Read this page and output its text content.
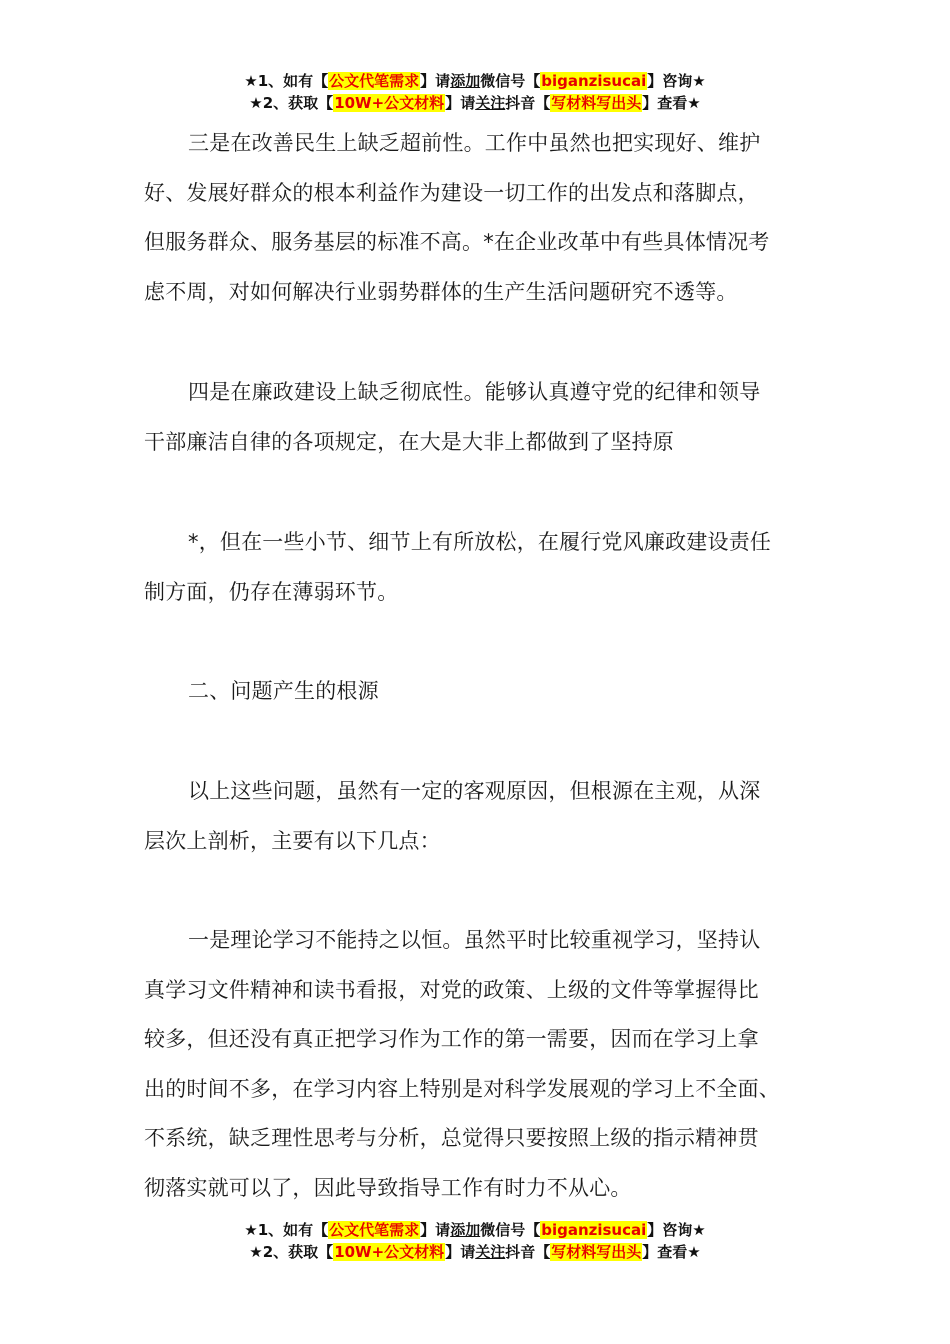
★1、如有【公文代笔需求】请添加微信号【biganzisucai】咨询★
★2、获取【10W+公文材料】请关注抖音【写材料写出头】查看★
三是在改善民生上缺乏超前性。工作中虽然也把实现好、维护
好、发展好群众的根本利益作为建设一切工作的出发点和落脚点，
但服务群众、服务基层的标准不高。*在企业改革中有些具体情况考
虑不周，对如何解决行业弱势群体的生产生活问题研究不透等。
四是在廉政建设上缺乏彻底性。能够认真遵守党的纪律和领导
干部廉洁自律的各项规定，在大是大非上都做到了坚持原
*，但在一些小节、细节上有所放松，在履行党风廉政建设责任
制方面，仍存在薄弱环节。
二、问题产生的根源
以上这些问题，虽然有一定的客观原因，但根源在主观，从深
层次上剖析，主要有以下几点：
一是理论学习不能持之以恒。虽然平时比较重视学习，坚持认
真学习文件精神和读书看报，对党的政策、上级的文件等掌握得比
较多，但还没有真正把学习作为工作的第一需要，因而在学习上拿
出的时间不多，在学习内容上特别是对科学发展观的学习上不全面、
不系统，缺乏理性思考与分析，总觉得只要按照上级的指示精神贯
彻落实就可以了，因此导致指导工作有时力不从心。
★1、如有【公文代笔需求】请添加微信号【biganzisucai】咨询★
★2、获取【10W+公文材料】请关注抖音【写材料写出头】查看★
